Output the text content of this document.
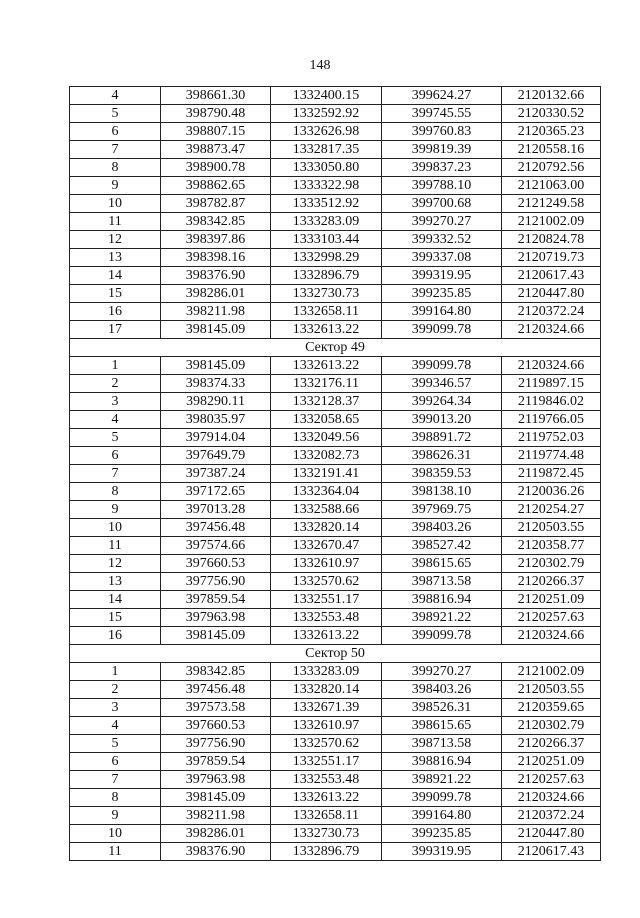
148
4	398661.30	1332400.15	399624.27	2120132.66
5	398790.48	1332592.92	399745.55	2120330.52
6	398807.15	1332626.98	399760.83	2120365.23
7	398873.47	1332817.35	399819.39	2120558.16
8	398900.78	1333050.80	399837.23	2120792.56
9	398862.65	1333322.98	399788.10	2121063.00
10	398782.87	1333512.92	399700.68	2121249.58
11	398342.85	1333283.09	399270.27	2121002.09
12	398397.86	1333103.44	399332.52	2120824.78
13	398398.16	1332998.29	399337.08	2120719.73
14	398376.90	1332896.79	399319.95	2120617.43
15	398286.01	1332730.73	399235.85	2120447.80
16	398211.98	1332658.11	399164.80	2120372.24
17	398145.09	1332613.22	399099.78	2120324.66
Сектор 49				
1	398145.09	1332613.22	399099.78	2120324.66
2	398374.33	1332176.11	399346.57	2119897.15
3	398290.11	1332128.37	399264.34	2119846.02
4	398035.97	1332058.65	399013.20	2119766.05
5	397914.04	1332049.56	398891.72	2119752.03
6	397649.79	1332082.73	398626.31	2119774.48
7	397387.24	1332191.41	398359.53	2119872.45
8	397172.65	1332364.04	398138.10	2120036.26
9	397013.28	1332588.66	397969.75	2120254.27
10	397456.48	1332820.14	398403.26	2120503.55
11	397574.66	1332670.47	398527.42	2120358.77
12	397660.53	1332610.97	398615.65	2120302.79
13	397756.90	1332570.62	398713.58	2120266.37
14	397859.54	1332551.17	398816.94	2120251.09
15	397963.98	1332553.48	398921.22	2120257.63
16	398145.09	1332613.22	399099.78	2120324.66
Сектор 50				
1	398342.85	1333283.09	399270.27	2121002.09
2	397456.48	1332820.14	398403.26	2120503.55
3	397573.58	1332671.39	398526.31	2120359.65
4	397660.53	1332610.97	398615.65	2120302.79
5	397756.90	1332570.62	398713.58	2120266.37
6	397859.54	1332551.17	398816.94	2120251.09
7	397963.98	1332553.48	398921.22	2120257.63
8	398145.09	1332613.22	399099.78	2120324.66
9	398211.98	1332658.11	399164.80	2120372.24
10	398286.01	1332730.73	399235.85	2120447.80
11	398376.90	1332896.79	399319.95	2120617.43
